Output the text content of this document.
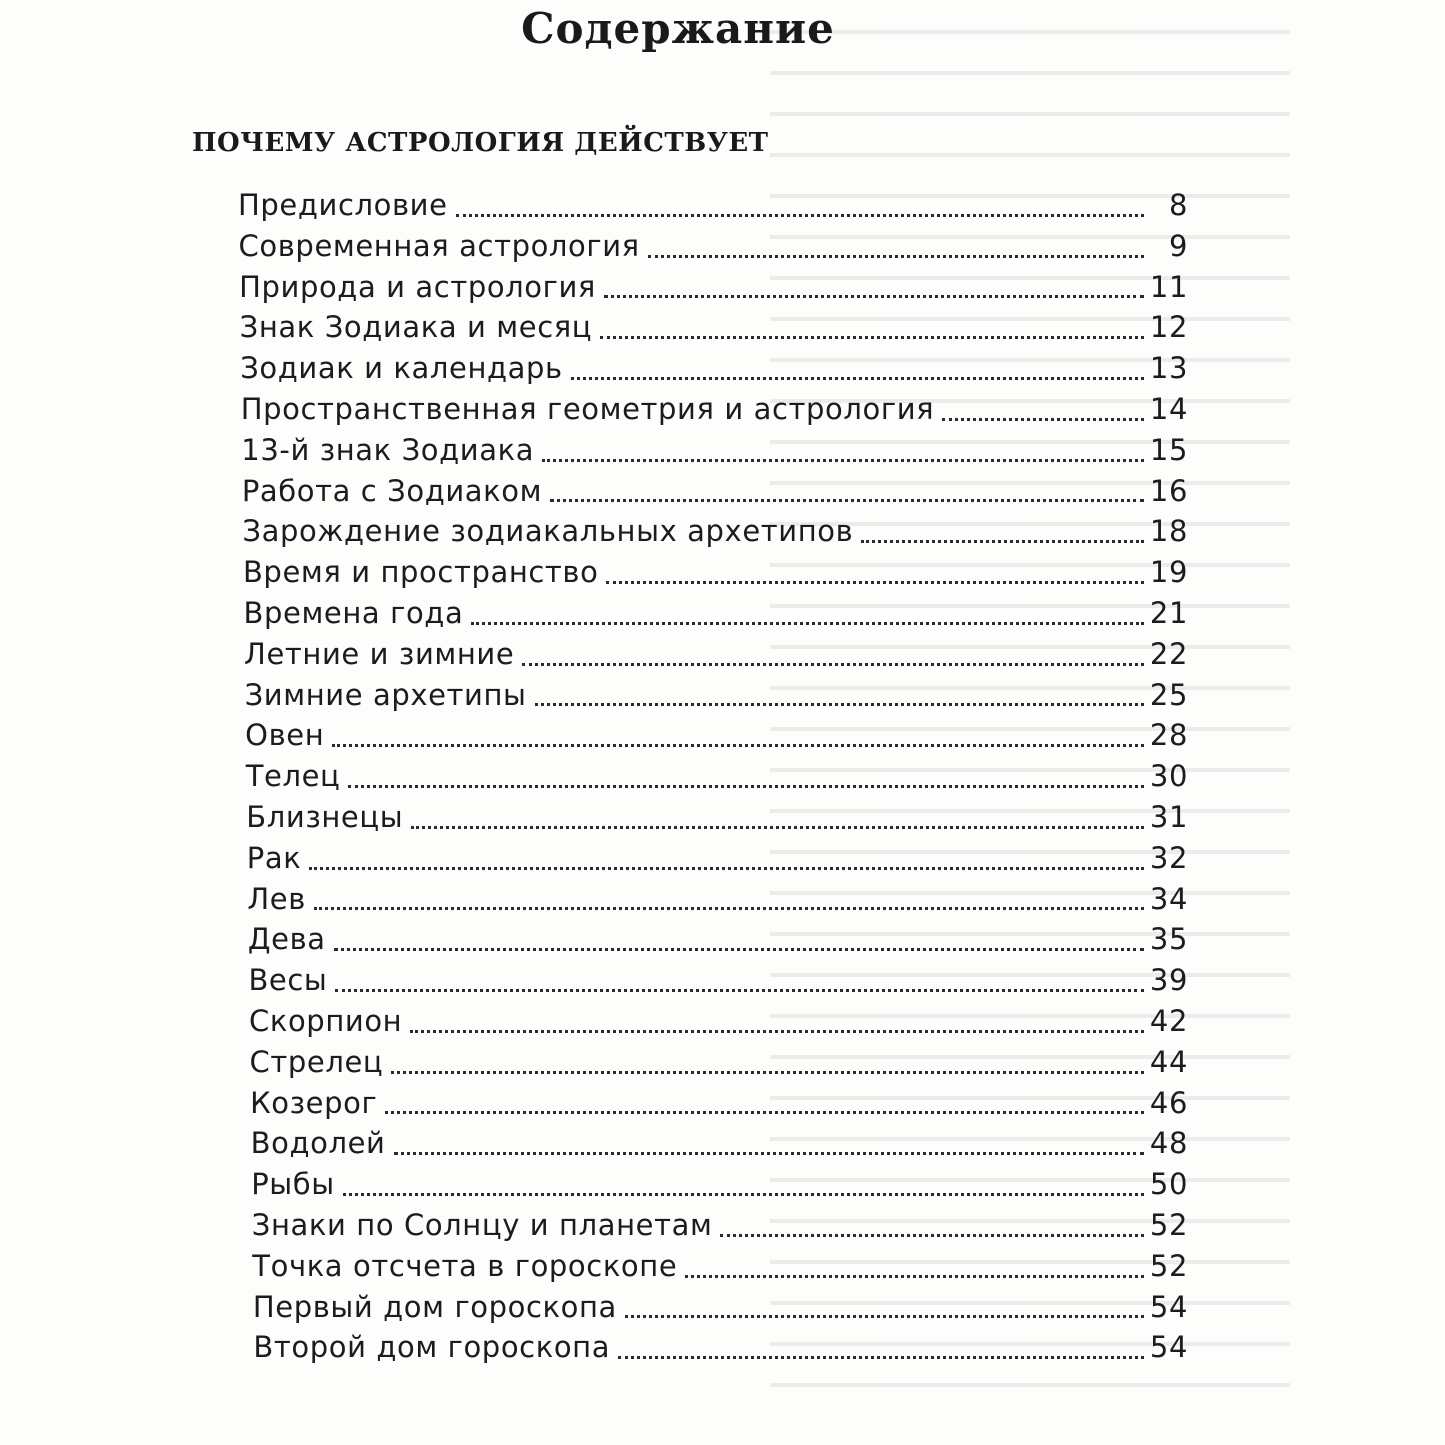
Содержание
ПОЧЕМУ АСТРОЛОГИЯ ДЕЙСТВУЕТ
Предисловие	8
Современная астрология	9
Природа и астрология	11
Знак Зодиака и месяц	12
Зодиак и календарь	13
Пространственная геометрия и астрология	14
13-й знак Зодиака	15
Работа с Зодиаком	16
Зарождение зодиакальных архетипов	18
Время и пространство	19
Времена года	21
Летние и зимние	22
Зимние архетипы	25
Овен	28
Телец	30
Близнецы	31
Рак	32
Лев	34
Дева	35
Весы	39
Скорпион	42
Стрелец	44
Козерог	46
Водолей	48
Рыбы	50
Знаки по Солнцу и планетам	52
Точка отсчета в гороскопе	52
Первый дом гороскопа	54
Второй дом гороскопа	54
